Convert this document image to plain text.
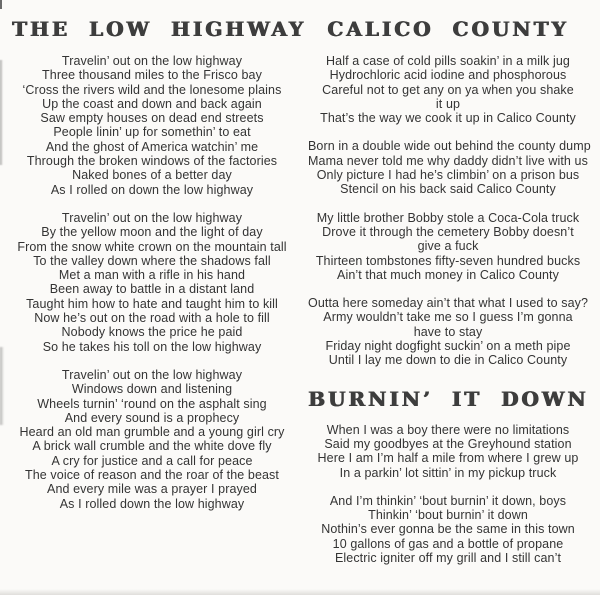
THE LOW HIGHWAY
Travelin’ out on the low highway
Three thousand miles to the Frisco bay
‘Cross the rivers wild and the lonesome plains
Up the coast and down and back again
Saw empty houses on dead end streets
People linin’ up for somethin’ to eat
And the ghost of America watchin’ me
Through the broken windows of the factories
Naked bones of a better day
As I rolled on down the low highway
Travelin’ out on the low highway
By the yellow moon and the light of day
From the snow white crown on the mountain tall
To the valley down where the shadows fall
Met a man with a rifle in his hand
Been away to battle in a distant land
Taught him how to hate and taught him to kill
Now he’s out on the road with a hole to fill
Nobody knows the price he paid
So he takes his toll on the low highway
Travelin’ out on the low highway
Windows down and listening
Wheels turnin’ ‘round on the asphalt sing
And every sound is a prophecy
Heard an old man grumble and a young girl cry
A brick wall crumble and the white dove fly
A cry for justice and a call for peace
The voice of reason and the roar of the beast
And every mile was a prayer I prayed
As I rolled down the low highway
CALICO COUNTY
Half a case of cold pills soakin’ in a milk jug
Hydrochloric acid iodine and phosphorous
Careful not to get any on ya when you shake
it up
That’s the way we cook it up in Calico County
Born in a double wide out behind the county dump
Mama never told me why daddy didn’t live with us
Only picture I had he’s climbin’ on a prison bus
Stencil on his back said Calico County
My little brother Bobby stole a Coca-Cola truck
Drove it through the cemetery Bobby doesn’t
give a fuck
Thirteen tombstones fifty-seven hundred bucks
Ain’t that much money in Calico County
Outta here someday ain’t that what I used to say?
Army wouldn’t take me so I guess I’m gonna
have to stay
Friday night dogfight suckin’ on a meth pipe
Until I lay me down to die in Calico County
BURNIN’ IT DOWN
When I was a boy there were no limitations
Said my goodbyes at the Greyhound station
Here I am I’m half a mile from where I grew up
In a parkin’ lot sittin’ in my pickup truck
And I’m thinkin’ ‘bout burnin’ it down, boys
Thinkin’ ‘bout burnin’ it down
Nothin’s ever gonna be the same in this town
10 gallons of gas and a bottle of propane
Electric igniter off my grill and I still can’t
